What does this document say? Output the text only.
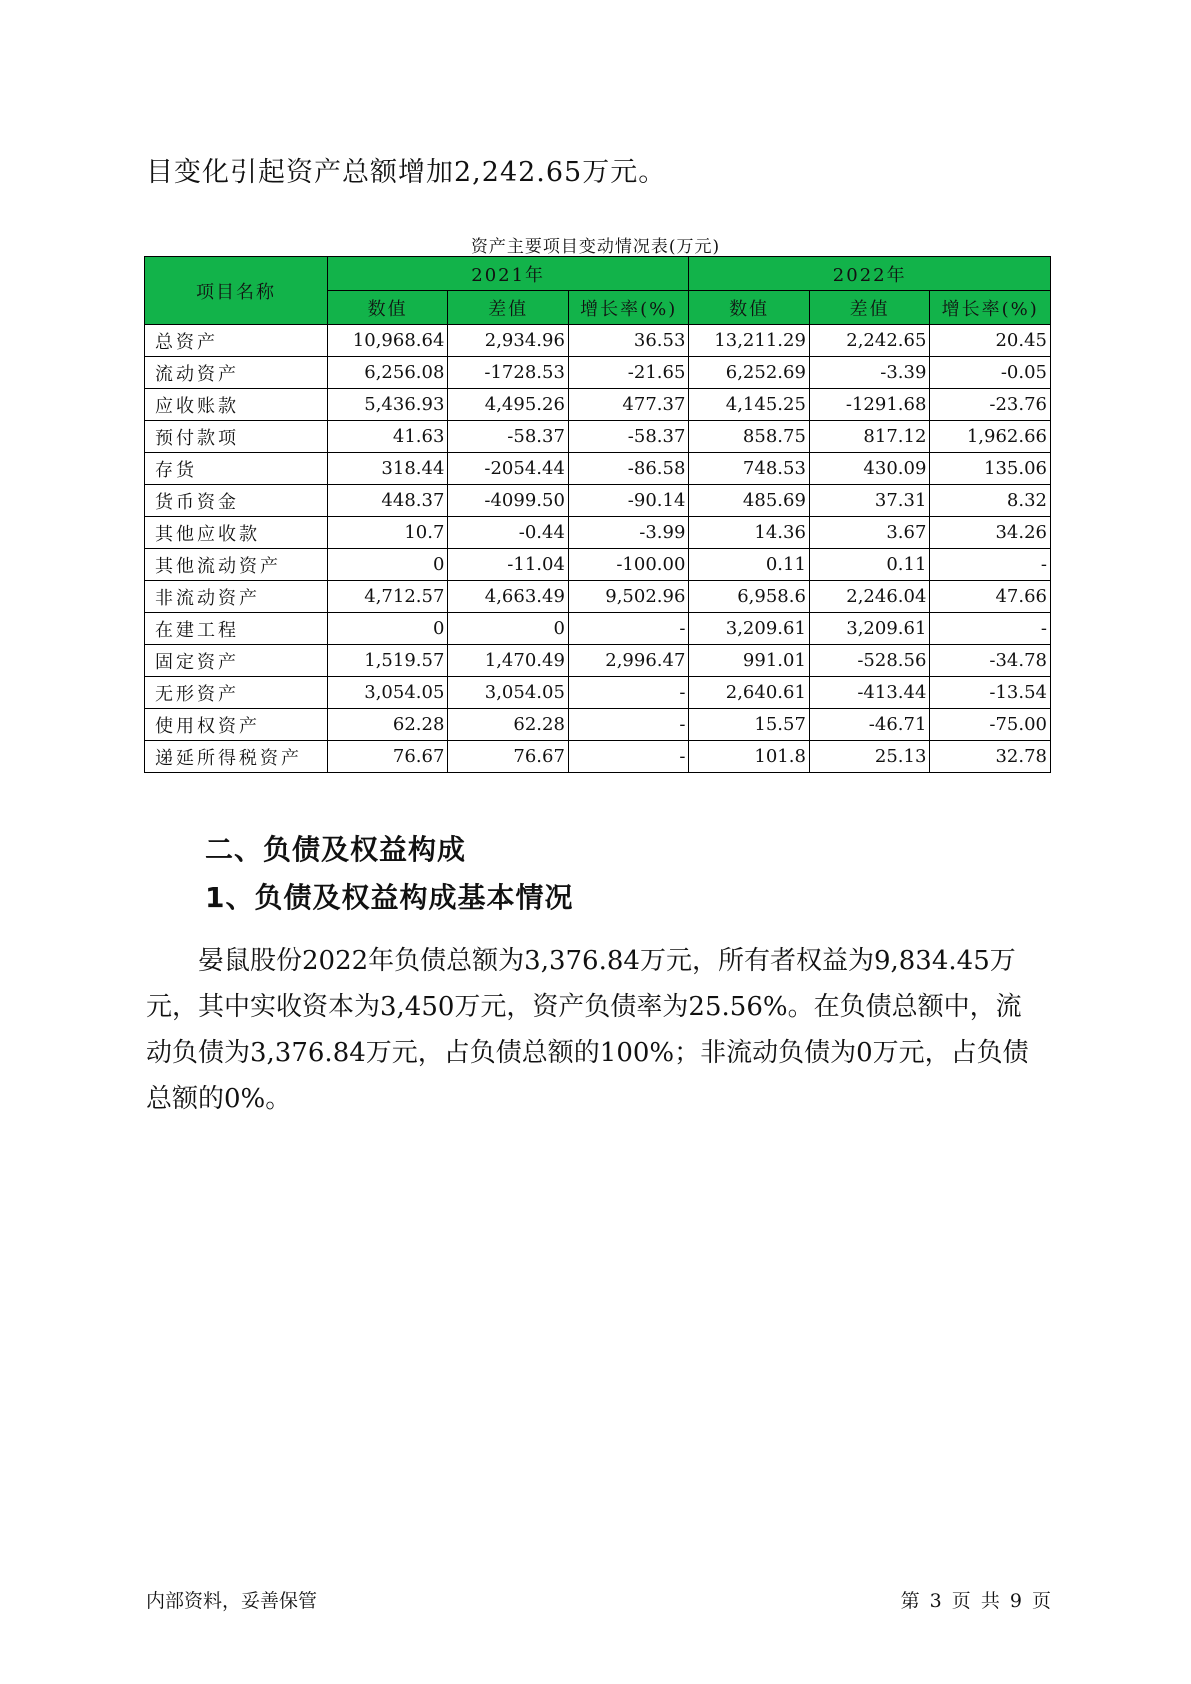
目变化引起资产总额增加2,242.65万元。
资产主要项目变动情况表(万元)
项目名称	2021年			2022年		
	数值	差值	增长率(%)	数值	差值	增长率(%)
总资产	10,968.64	2,934.96	36.53	13,211.29	2,242.65	20.45
流动资产	6,256.08	-1728.53	-21.65	6,252.69	-3.39	-0.05
应收账款	5,436.93	4,495.26	477.37	4,145.25	-1291.68	-23.76
预付款项	41.63	-58.37	-58.37	858.75	817.12	1,962.66
存货	318.44	-2054.44	-86.58	748.53	430.09	135.06
货币资金	448.37	-4099.50	-90.14	485.69	37.31	8.32
其他应收款	10.7	-0.44	-3.99	14.36	3.67	34.26
其他流动资产	0	-11.04	-100.00	0.11	0.11	-
非流动资产	4,712.57	4,663.49	9,502.96	6,958.6	2,246.04	47.66
在建工程	0	0	-	3,209.61	3,209.61	-
固定资产	1,519.57	1,470.49	2,996.47	991.01	-528.56	-34.78
无形资产	3,054.05	3,054.05	-	2,640.61	-413.44	-13.54
使用权资产	62.28	62.28	-	15.57	-46.71	-75.00
递延所得税资产	76.67	76.67	-	101.8	25.13	32.78
二、负债及权益构成
1、负债及权益构成基本情况
　　晏鼠股份2022年负债总额为3,376.84万元，所有者权益为9,834.45万
元，其中实收资本为3,450万元，资产负债率为25.56%。在负债总额中，流
动负债为3,376.84万元，占负债总额的100%；非流动负债为0万元，占负债
总额的0%。
内部资料，妥善保管	第 3 页 共 9 页
